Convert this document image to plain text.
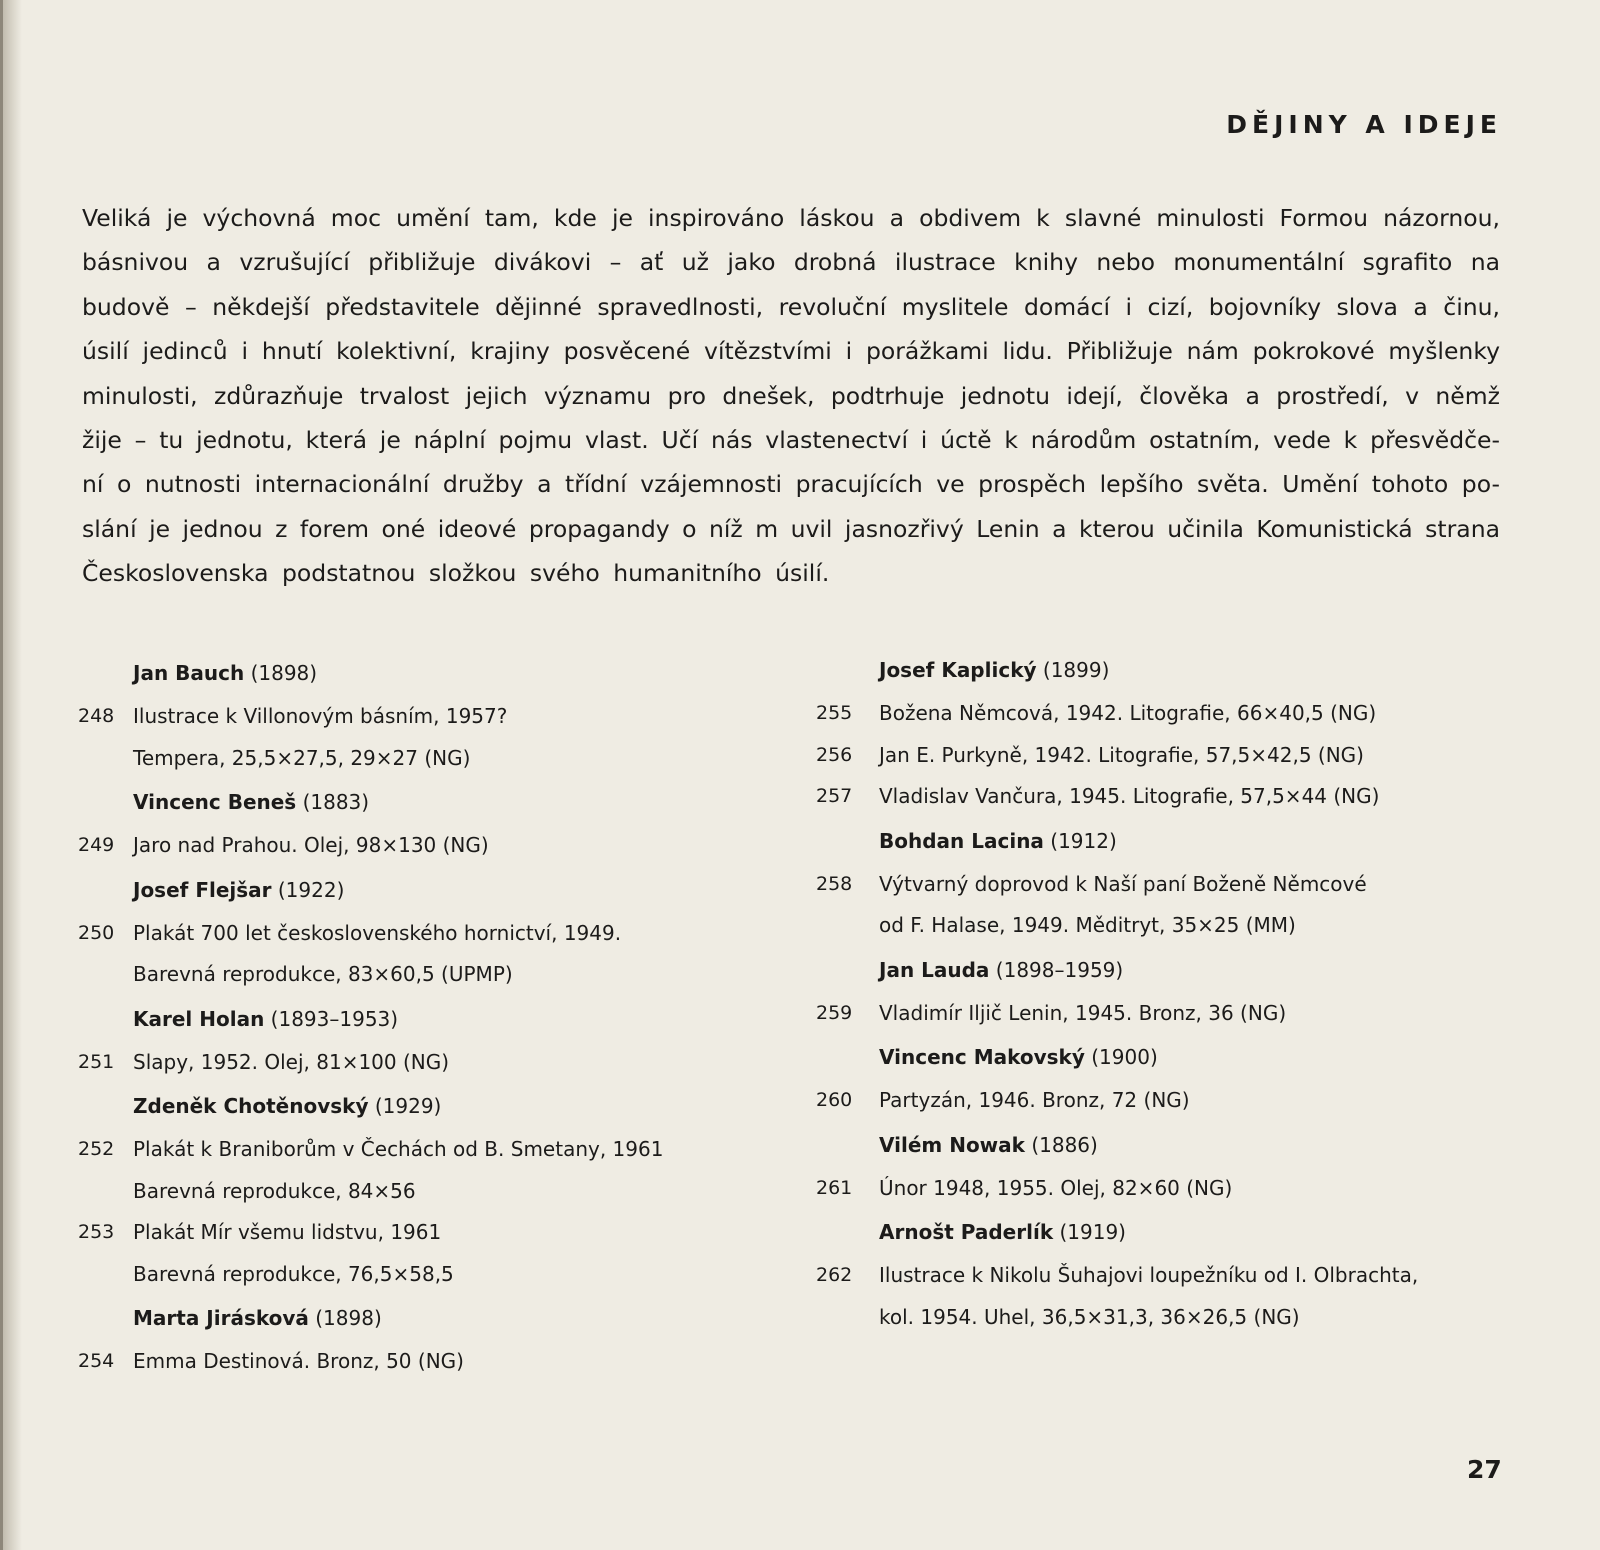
DĚJINY A IDEJE
Veliká je výchovná moc umění tam, kde je inspirováno láskou a obdivem k slavné minulosti Formou názornou,
básnivou a vzrušující přibližuje divákovi – ať už jako drobná ilustrace knihy nebo monumentální sgrafito na
budově – někdejší představitele dějinné spravedlnosti, revoluční myslitele domácí i cizí, bojovníky slova a činu,
úsilí jedinců i hnutí kolektivní, krajiny posvěcené vítězstvími i porážkami lidu. Přibližuje nám pokrokové myšlenky
minulosti, zdůrazňuje trvalost jejich významu pro dnešek, podtrhuje jednotu idejí, člověka a prostředí, v němž
žije – tu jednotu, která je náplní pojmu vlast. Učí nás vlastenectví i úctě k národům ostatním, vede k přesvědče-
ní o nutnosti internacionální družby a třídní vzájemnosti pracujících ve prospěch lepšího světa. Umění tohoto po-
slání je jednou z forem oné ideové propagandy o níž m uvil jasnozřivý Lenin a kterou učinila Komunistická strana
Československa podstatnou složkou svého humanitního úsilí.
Jan Bauch (1898)
248 Ilustrace k Villonovým básním, 1957?
Tempera, 25,5×27,5, 29×27 (NG)
Vincenc Beneš (1883)
249 Jaro nad Prahou. Olej, 98×130 (NG)
Josef Flejšar (1922)
250 Plakát 700 let československého hornictví, 1949.
Barevná reprodukce, 83×60,5 (UPMP)
Karel Holan (1893–1953)
251 Slapy, 1952. Olej, 81×100 (NG)
Zdeněk Chotěnovský (1929)
252 Plakát k Braniborům v Čechách od B. Smetany, 1961
Barevná reprodukce, 84×56
253 Plakát Mír všemu lidstvu, 1961
Barevná reprodukce, 76,5×58,5
Marta Jirásková (1898)
254 Emma Destinová. Bronz, 50 (NG)
Josef Kaplický (1899)
255	Božena Němcová, 1942. Litografie, 66×40,5 (NG)
256	Jan E. Purkyně, 1942. Litografie, 57,5×42,5 (NG)
257	Vladislav Vančura, 1945. Litografie, 57,5×44 (NG)
Bohdan Lacina (1912)
258	Výtvarný doprovod k Naší paní Boženě Němcové
od F. Halase, 1949. Měditryt, 35×25 (MM)
Jan Lauda (1898–1959)
259	Vladimír Iljič Lenin, 1945. Bronz, 36 (NG)
Vincenc Makovský (1900)
260	Partyzán, 1946. Bronz, 72 (NG)
Vilém Nowak (1886)
261	Únor 1948, 1955. Olej, 82×60 (NG)
Arnošt Paderlík (1919)
262	Ilustrace k Nikolu Šuhajovi loupežníku od I. Olbrachta,
kol. 1954. Uhel, 36,5×31,3, 36×26,5 (NG)
27
